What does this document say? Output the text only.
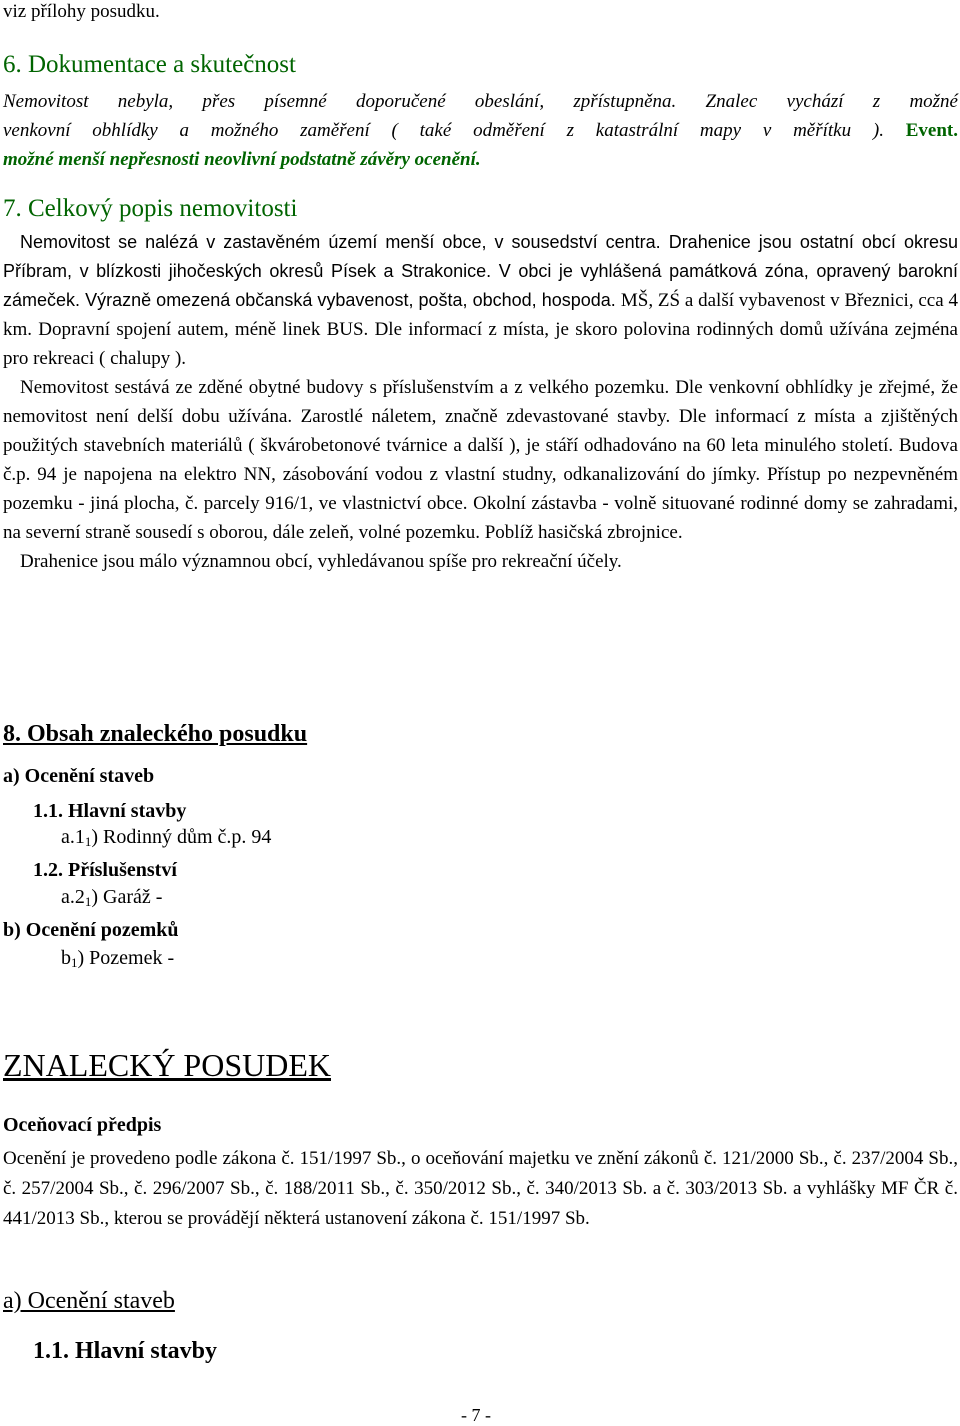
viz přílohy posudku.

6. Dokumentace a skutečnost

Nemovitost nebyla, přes písemné doporučené obeslání, zpřístupněna. Znalec vychází z možné

venkovní obhlídky a možného zaměření ( také odměření z katastrální mapy v měřítku ). Event.

možné menší nepřesnosti neovlivní podstatně závěry ocenění.

7. Celkový popis nemovitosti

Nemovitost se nalézá v zastavěném území menší obce, v sousedství centra. Drahenice jsou ostatní obcí okresu Příbram, v blízkosti jihočeských okresů Písek a Strakonice. V obci je vyhlášená památková zóna, opravený barokní zámeček. Výrazně omezená občanská vybavenost, pošta, obchod, hospoda. MŠ, ZŚ a další vybavenost v Březnici, cca 4 km. Dopravní spojení autem, méně linek BUS. Dle informací z místa, je skoro polovina rodinných domů užívána zejména pro rekreaci ( chalupy ).

Nemovitost sestává ze zděné obytné budovy s příslušenstvím a z velkého pozemku. Dle venkovní obhlídky je zřejmé, že nemovitost není delší dobu užívána. Zarostlé náletem, značně zdevastované stavby. Dle informací z místa a zjištěných použitých stavebních materiálů ( škvárobetonové tvárnice a další ), je stáří odhadováno na 60 leta minulého století. Budova č.p. 94 je napojena na elektro NN, zásobování vodou z vlastní studny, odkanalizování do jímky. Přístup po nezpevněném pozemku - jiná plocha, č. parcely 916/1, ve vlastnictví obce. Okolní zástavba - volně situované rodinné domy se zahradami, na severní straně sousedí s oborou, dále zeleň, volné pozemku. Poblíž hasičská zbrojnice.

Drahenice jsou málo významnou obcí, vyhledávanou spíše pro rekreační účely.

8. Obsah znaleckého posudku
a) Ocenění staveb
1.1. Hlavní stavby
$a.1_1$) Rodinný dům č.p. 94
1.2. Příslušenství
$a.2_1$) Garáž -
b) Ocenění pozemků
$b_1$) Pozemek -
ZNALECKÝ POSUDEK
Oceňovací předpis

Ocenění je provedeno podle zákona č. 151/1997 Sb., o oceňování majetku ve znění zákonů č. 121/2000 Sb., č. 237/2004 Sb., č. 257/2004 Sb., č. 296/2007 Sb., č. 188/2011 Sb., č. 350/2012 Sb., č. 340/2013 Sb. a č. 303/2013 Sb. a vyhlášky MF ČR č. 441/2013 Sb., kterou se provádějí některá ustanovení zákona č. 151/1997 Sb.

a) Ocenění staveb
1.1. Hlavní stavby
- 7 -
